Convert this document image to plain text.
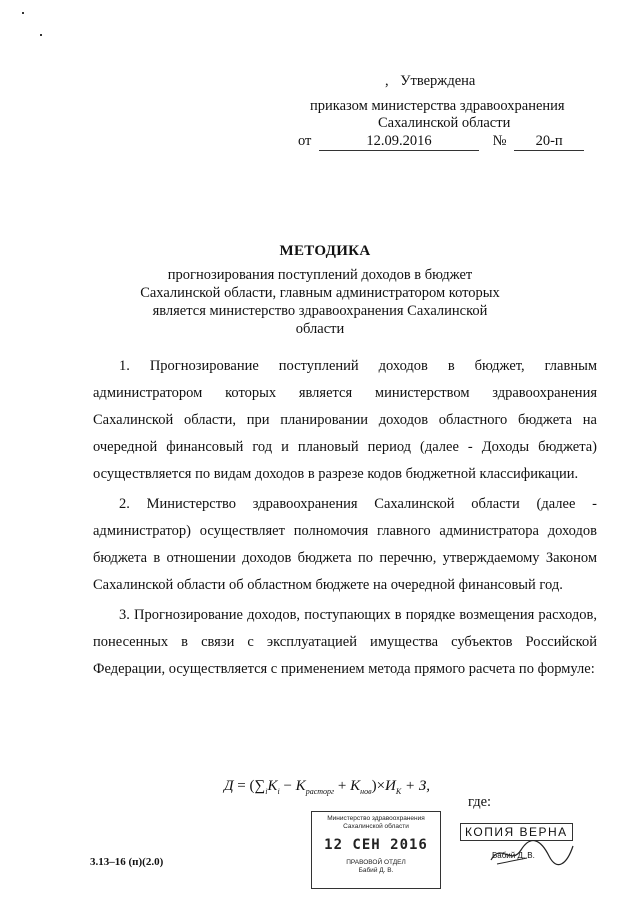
, Утверждена
приказом министерства здравоохранения
Сахалинской области
от	12.09.2016	№ 20-п
МЕТОДИКА
прогнозирования поступлений доходов в бюджет
Сахалинской области, главным администратором которых
является министерство здравоохранения Сахалинской
области

1. Прогнозирование поступлений доходов в бюджет, главным администратором которых является министерством здравоохранения Сахалинской области, при планировании доходов областного бюджета на очередной финансовый год и плановый период (далее - Доходы бюджета) осуществляется по видам доходов в разрезе кодов бюджетной классификации.

2. Министерство здравоохранения Сахалинской области (далее - администратор) осуществляет полномочия главного администратора доходов бюджета в отношении доходов бюджета по перечню, утверждаемому Законом Сахалинской области об областном бюджете на очередной финансовый год.

3. Прогнозирование доходов, поступающих в порядке возмещения расходов, понесенных в связи с эксплуатацией имущества субъектов Российской Федерации, осуществляется с применением метода прямого расчета по формуле:

$Д = (\sum_iK_i - K_{расторг} + K_{нов})\times И_К + З$,
где:
Министерство здравоохранения
Сахалинской области
12 СЕН 2016
ПРАВОВОЙ ОТДЕЛ
Бабий Д. В.
КОПИЯ ВЕРНА
Бабий Д. В.
3.13–16 (п)(2.0)
